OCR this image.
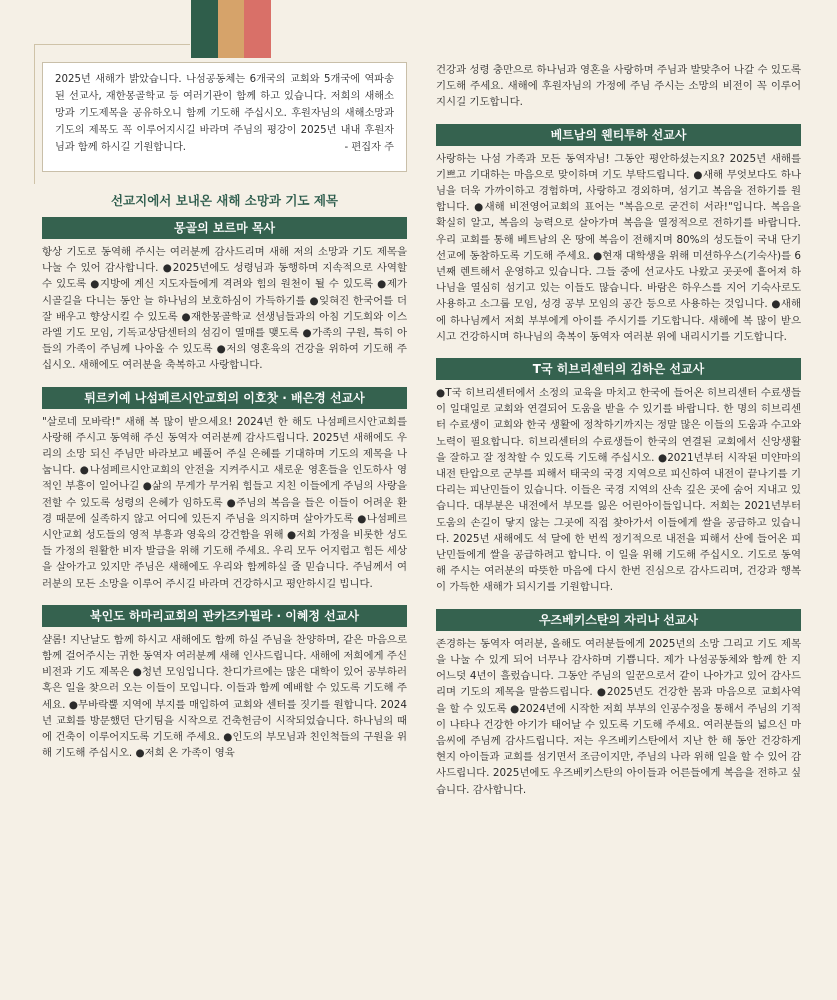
2025년 새해가 밝았습니다. 나섬공동체는 6개국의 교회와 5개국에 역파송된 선교사, 재한몽골학교 등 여러기관이 함께 하고 있습니다. 저희의 새해소망과 기도제목을 공유하오니 함께 기도해 주십시오. 후원자님의 새해소망과 기도의 제목도 꼭 이루어지시길 바라며 주님의 평강이 2025년 내내 후원자님과 함께 하시길 기원합니다.	- 편집자 주
선교지에서 보내온 새해 소망과 기도 제목
몽골의 보르마 목사
항상 기도로 동역해 주시는 여러분께 감사드리며 새해 저의 소망과 기도 제목을 나눌 수 있어 감사합니다. ●2025년에도 성령님과 동행하며 지속적으로 사역할 수 있도록 ●지방에 계신 지도자들에게 격려와 힘의 원천이 될 수 있도록 ●제가 시골길을 다니는 동안 늘 하나님의 보호하심이 가득하기를 ●잊혀진 한국어를 더 잘 배우고 향상시킬 수 있도록 ●재한몽골학교 선생님들과의 아침 기도회와 이스라엘 기도 모임, 기독교상담센터의 섬김이 열매를 맺도록 ●가족의 구원, 특히 아들의 가족이 주님께 나아올 수 있도록 ●저의 영혼육의 건강을 위하여 기도해 주십시오. 새해에도 여러분을 축복하고 사랑합니다.
튀르키예 나섬페르시안교회의 이호찻 · 배은경 선교사
"살로네 모바락!" 새해 복 많이 받으세요! 2024년 한 해도 나섬페르시안교회를 사랑해 주시고 동역해 주신 동역자 여러분께 감사드립니다. 2025년 새해에도 우리의 소망 되신 주님만 바라보고 베풀어 주실 은혜를 기대하며 기도의 제목을 나눕니다. ●나섬페르시안교회의 안전을 지켜주시고 새로운 영혼들을 인도하사 영적인 부흥이 일어나길 ●삶의 무게가 무거워 힘들고 지친 이들에게 주님의 사랑을 전할 수 있도록 성령의 은혜가 임하도록 ●주님의 복음을 들은 이들이 어려운 환경 때문에 실족하지 않고 어디에 있든지 주님을 의지하며 살아가도록 ●나섬페르시안교회 성도들의 영적 부흥과 영육의 강건함을 위해 ●저희 가정을 비롯한 성도들 가정의 원활한 비자 발급을 위해 기도해 주세요. 우리 모두 어지럽고 힘든 세상을 살아가고 있지만 주님은 새해에도 우리와 함께하실 줄 믿습니다. 주님께서 여러분의 모든 소망을 이루어 주시길 바라며 건강하시고 평안하시길 빕니다.
북인도 하마리교회의 판카즈카필라 · 이혜정 선교사
샬롬! 지난날도 함께 하시고 새해에도 함께 하실 주님을 찬양하며, 같은 마음으로 함께 걸어주시는 귀한 동역자 여러분께 새해 인사드립니다. 새해에 저희에게 주신 비전과 기도 제목은 ●청년 모임입니다. 찬디가르에는 많은 대학이 있어 공부하러 혹은 일을 찾으러 오는 이들이 모입니다. 이들과 함께 예배할 수 있도록 기도해 주세요. ●무바락뿔 지역에 부지를 매입하여 교회와 센터를 짓기를 원합니다. 2024년 교회를 방문했던 단기팀을 시작으로 건축헌금이 시작되었습니다. 하나님의 때에 건축이 이루어지도록 기도해 주세요. ●인도의 부모님과 친인척들의 구원을 위해 기도해 주십시오. ●저희 온 가족이 영육
건강과 성령 충만으로 하나님과 영혼을 사랑하며 주님과 발맞추어 나갈 수 있도록 기도해 주세요. 새해에 후원자님의 가정에 주님 주시는 소망의 비전이 꼭 이루어지시길 기도합니다.
베트남의 웬티투하 선교사
사랑하는 나섬 가족과 모든 동역자님! 그동안 평안하셨는지요? 2025년 새해를 기쁘고 기대하는 마음으로 맞이하며 기도 부탁드립니다. ●새해 무엇보다도 하나님을 더욱 가까이하고 경험하며, 사랑하고 경외하며, 섬기고 복음을 전하기를 원합니다. ●새해 비전영어교회의 표어는 "복음으로 굳건히 서라!"입니다. 복음을 확실히 알고, 복음의 능력으로 살아가며 복음을 열정적으로 전하기를 바랍니다. 우리 교회를 통해 베트남의 온 땅에 복음이 전해지며 80%의 성도들이 국내 단기선교에 동참하도록 기도해 주세요. ●현재 대학생을 위해 미션하우스(기숙사)를 6년째 렌트해서 운영하고 있습니다. 그들 중에 선교사도 나왔고 곳곳에 흩어져 하나님을 열심히 섬기고 있는 이들도 많습니다. 바람은 하우스를 지어 기숙사로도 사용하고 소그룹 모임, 성경 공부 모임의 공간 등으로 사용하는 것입니다. ●새해에 하나님께서 저희 부부에게 아이를 주시기를 기도합니다. 새해에 복 많이 받으시고 건강하시며 하나님의 축복이 동역자 여러분 위에 내리시기를 기도합니다.
T국 히브리센터의 김하은 선교사
●T국 히브리센터에서 소정의 교육을 마치고 한국에 들어온 히브리센터 수료생들이 일대일로 교회와 연결되어 도움을 받을 수 있기를 바랍니다. 한 명의 히브리센터 수료생이 교회와 한국 생활에 정착하기까지는 정말 많은 이들의 도움과 수고와 노력이 필요합니다. 히브리센터의 수료생들이 한국의 연결된 교회에서 신앙생활을 잘하고 잘 정착할 수 있도록 기도해 주십시오. ●2021년부터 시작된 미얀마의 내전 탄압으로 군부를 피해서 태국의 국경 지역으로 피신하여 내전이 끝나기를 기다리는 피난민들이 있습니다. 이들은 국경 지역의 산속 깊은 곳에 숨어 지내고 있습니다. 대부분은 내전에서 부모를 잃은 어린아이들입니다. 저희는 2021년부터 도움의 손길이 닿지 않는 그곳에 직접 찾아가서 이들에게 쌀을 공급하고 있습니다. 2025년 새해에도 석 달에 한 번씩 정기적으로 내전을 피해서 산에 들어온 피난민들에게 쌀을 공급하려고 합니다. 이 일을 위해 기도해 주십시오. 기도로 동역해 주시는 여러분의 따뜻한 마음에 다시 한번 진심으로 감사드리며, 건강과 행복이 가득한 새해가 되시기를 기원합니다.
우즈베키스탄의 자리나 선교사
존경하는 동역자 여러분, 올해도 여러분들에게 2025년의 소망 그리고 기도 제목을 나눌 수 있게 되어 너무나 감사하며 기쁩니다. 제가 나섬공동체와 함께 한 지 어느덧 4년이 흘렀습니다. 그동안 주님의 일꾼으로서 같이 나아가고 있어 감사드리며 기도의 제목을 말씀드립니다. ●2025년도 건강한 몸과 마음으로 교회사역을 할 수 있도록 ●2024년에 시작한 저희 부부의 인공수정을 통해서 주님의 기적이 나타나 건강한 아기가 태어날 수 있도록 기도해 주세요. 여러분들의 넓으신 마음씨에 주님께 감사드립니다. 저는 우즈베키스탄에서 지난 한 해 동안 건강하게 현지 아이들과 교회를 섬기면서 조금이지만, 주님의 나라 위해 일을 할 수 있어 감사드립니다. 2025년에도 우즈베키스탄의 아이들과 어른들에게 복음을 전하고 싶습니다. 감사합니다.
